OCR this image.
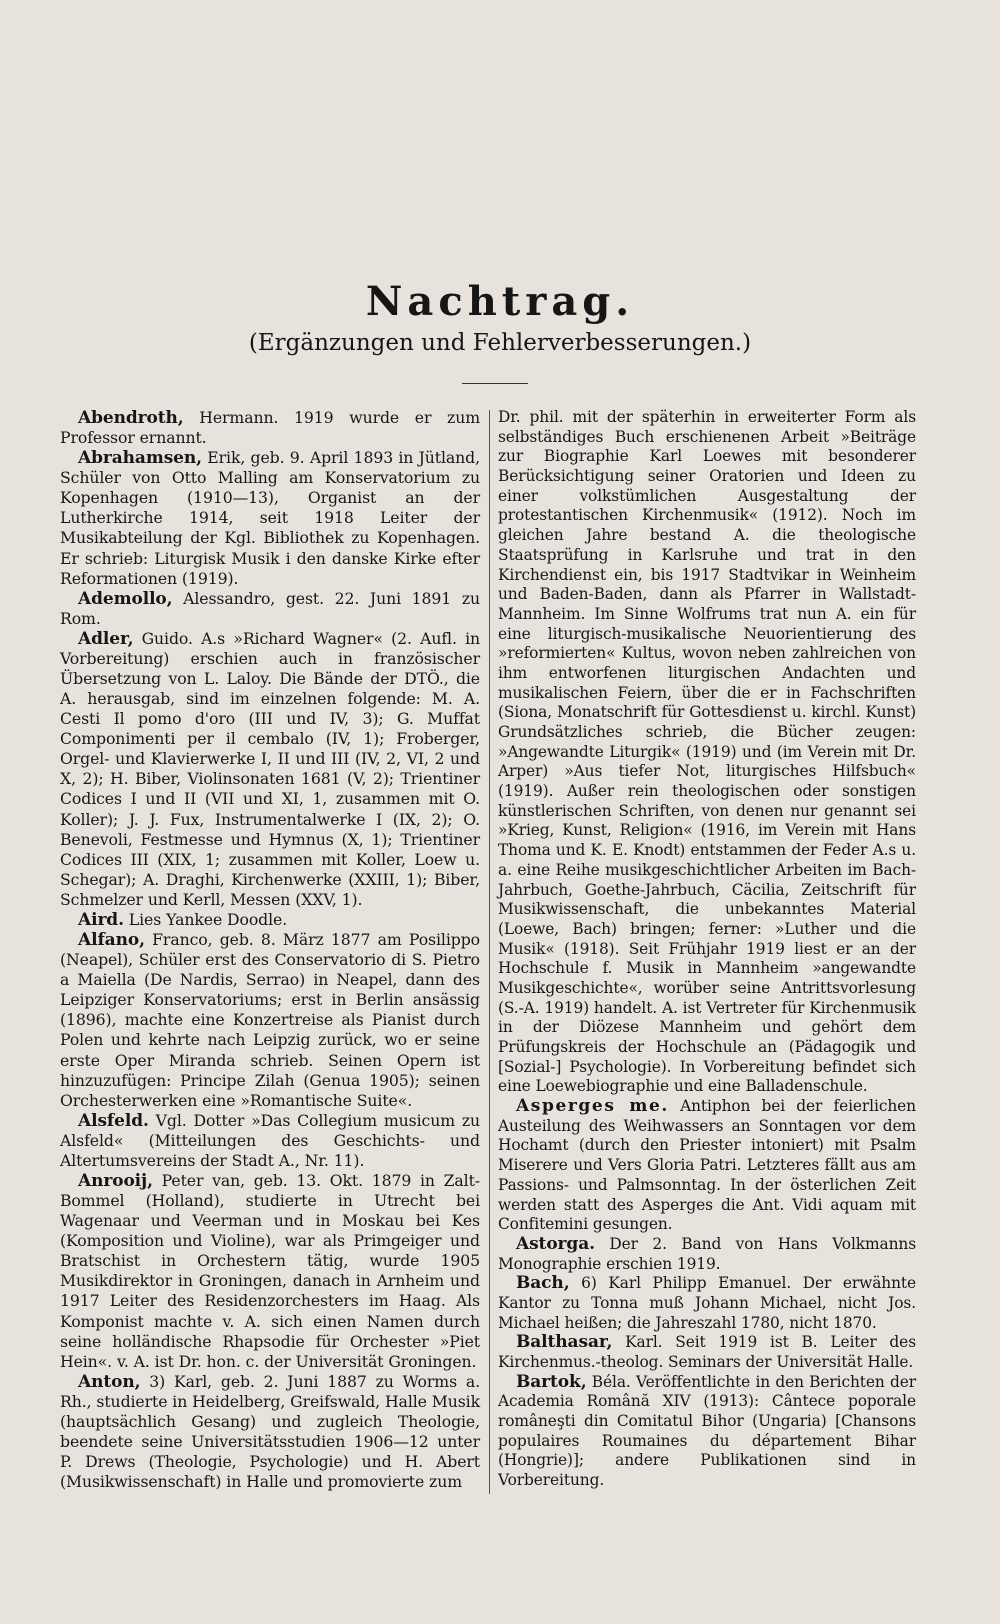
Nachtrag.
(Ergänzungen und Fehlerverbesserungen.)

Abendroth, Hermann. 1919 wurde er zum Professor ernannt.

Abrahamsen, Erik, geb. 9. April 1893 in Jütland, Schüler von Otto Malling am Konservatorium zu Kopenhagen (1910—13), Organist an der Lutherkirche 1914, seit 1918 Leiter der Musikabteilung der Kgl. Bibliothek zu Kopenhagen. Er schrieb: Liturgisk Musik i den danske Kirke efter Reformationen (1919).

Ademollo, Alessandro, gest. 22. Juni 1891 zu Rom.

Adler, Guido. A.s »Richard Wagner« (2. Aufl. in Vorbereitung) erschien auch in französischer Übersetzung von L. Laloy. Die Bände der DTÖ., die A. herausgab, sind im einzelnen folgende: M. A. Cesti Il pomo d'oro (III und IV, 3); G. Muffat Componimenti per il cembalo (IV, 1); Froberger, Orgel- und Klavierwerke I, II und III (IV, 2, VI, 2 und X, 2); H. Biber, Violinsonaten 1681 (V, 2); Trientiner Codices I und II (VII und XI, 1, zusammen mit O. Koller); J. J. Fux, Instrumentalwerke I (IX, 2); O. Benevoli, Festmesse und Hymnus (X, 1); Trientiner Codices III (XIX, 1; zusammen mit Koller, Loew u. Schegar); A. Draghi, Kirchenwerke (XXIII, 1); Biber, Schmelzer und Kerll, Messen (XXV, 1).

Aird. Lies Yankee Doodle.

Alfano, Franco, geb. 8. März 1877 am Posilippo (Neapel), Schüler erst des Conservatorio di S. Pietro a Maiella (De Nardis, Serrao) in Neapel, dann des Leipziger Konservatoriums; erst in Berlin ansässig (1896), machte eine Konzertreise als Pianist durch Polen und kehrte nach Leipzig zurück, wo er seine erste Oper Miranda schrieb. Seinen Opern ist hinzuzufügen: Principe Zilah (Genua 1905); seinen Orchesterwerken eine »Romantische Suite«.

Alsfeld. Vgl. Dotter »Das Collegium musicum zu Alsfeld« (Mitteilungen des Geschichts- und Altertumsvereins der Stadt A., Nr. 11).

Anrooij, Peter van, geb. 13. Okt. 1879 in Zalt-Bommel (Holland), studierte in Utrecht bei Wagenaar und Veerman und in Moskau bei Kes (Komposition und Violine), war als Primgeiger und Bratschist in Orchestern tätig, wurde 1905 Musikdirektor in Groningen, danach in Arnheim und 1917 Leiter des Residenzorchesters im Haag. Als Komponist machte v. A. sich einen Namen durch seine holländische Rhapsodie für Orchester »Piet Hein«. v. A. ist Dr. hon. c. der Universität Groningen.

Anton, 3) Karl, geb. 2. Juni 1887 zu Worms a. Rh., studierte in Heidelberg, Greifswald, Halle Musik (hauptsächlich Gesang) und zugleich Theologie, beendete seine Universitätsstudien 1906—12 unter P. Drews (Theologie, Psychologie) und H. Abert (Musikwissenschaft) in Halle und promovierte zum

Dr. phil. mit der späterhin in erweiterter Form als selbständiges Buch erschienenen Arbeit »Beiträge zur Biographie Karl Loewes mit besonderer Berücksichtigung seiner Oratorien und Ideen zu einer volkstümlichen Ausgestaltung der protestantischen Kirchenmusik« (1912). Noch im gleichen Jahre bestand A. die theologische Staatsprüfung in Karlsruhe und trat in den Kirchendienst ein, bis 1917 Stadtvikar in Weinheim und Baden-Baden, dann als Pfarrer in Wallstadt-Mannheim. Im Sinne Wolfrums trat nun A. ein für eine liturgisch-musikalische Neuorientierung des »reformierten« Kultus, wovon neben zahlreichen von ihm entworfenen liturgischen Andachten und musikalischen Feiern, über die er in Fachschriften (Siona, Monatschrift für Gottesdienst u. kirchl. Kunst) Grundsätzliches schrieb, die Bücher zeugen: »Angewandte Liturgik« (1919) und (im Verein mit Dr. Arper) »Aus tiefer Not, liturgisches Hilfsbuch« (1919). Außer rein theologischen oder sonstigen künstlerischen Schriften, von denen nur genannt sei »Krieg, Kunst, Religion« (1916, im Verein mit Hans Thoma und K. E. Knodt) entstammen der Feder A.s u. a. eine Reihe musikgeschichtlicher Arbeiten im Bach-Jahrbuch, Goethe-Jahrbuch, Cäcilia, Zeitschrift für Musikwissenschaft, die unbekanntes Material (Loewe, Bach) bringen; ferner: »Luther und die Musik« (1918). Seit Frühjahr 1919 liest er an der Hochschule f. Musik in Mannheim »angewandte Musikgeschichte«, worüber seine Antrittsvorlesung (S.-A. 1919) handelt. A. ist Vertreter für Kirchenmusik in der Diözese Mannheim und gehört dem Prüfungskreis der Hochschule an (Pädagogik und [Sozial-] Psychologie). In Vorbereitung befindet sich eine Loewebiographie und eine Balladenschule.

Asperges me. Antiphon bei der feierlichen Austeilung des Weihwassers an Sonntagen vor dem Hochamt (durch den Priester intoniert) mit Psalm Miserere und Vers Gloria Patri. Letzteres fällt aus am Passions- und Palmsonntag. In der österlichen Zeit werden statt des Asperges die Ant. Vidi aquam mit Confitemini gesungen.

Astorga. Der 2. Band von Hans Volkmanns Monographie erschien 1919.

Bach, 6) Karl Philipp Emanuel. Der erwähnte Kantor zu Tonna muß Johann Michael, nicht Jos. Michael heißen; die Jahreszahl 1780, nicht 1870.

Balthasar, Karl. Seit 1919 ist B. Leiter des Kirchenmus.-theolog. Seminars der Universität Halle.

Bartok, Béla. Veröffentlichte in den Berichten der Academia Română XIV (1913): Cântece poporale româneşti din Comitatul Bihor (Ungaria) [Chansons populaires Roumaines du département Bihar (Hongrie)]; andere Publikationen sind in Vorbereitung.
